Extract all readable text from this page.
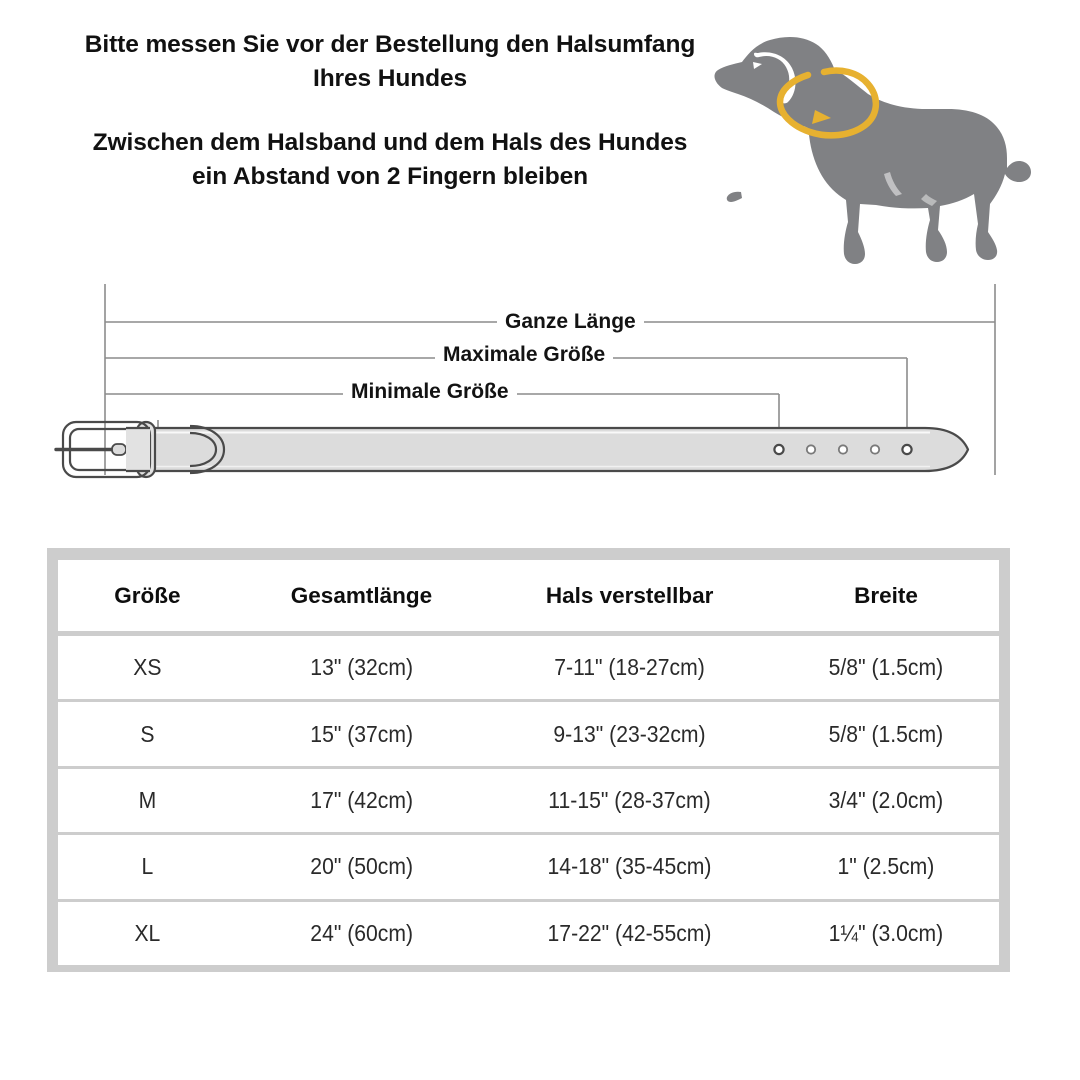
Bitte messen Sie vor der Bestellung den Halsumfang
Ihres Hundes
Zwischen dem Halsband und dem Hals des Hundes
ein Abstand von 2 Fingern bleiben
Ganze Länge
Maximale Größe
Minimale Größe
Größe	Gesamtlänge	Hals verstellbar	Breite
XS	13" (32cm)	7-11" (18-27cm)	5/8" (1.5cm)
S	15" (37cm)	9-13" (23-32cm)	5/8" (1.5cm)
M	17" (42cm)	11-15" (28-37cm)	3/4" (2.0cm)
L	20" (50cm)	14-18" (35-45cm)	1" (2.5cm)
XL	24" (60cm)	17-22" (42-55cm)	1¼" (3.0cm)
